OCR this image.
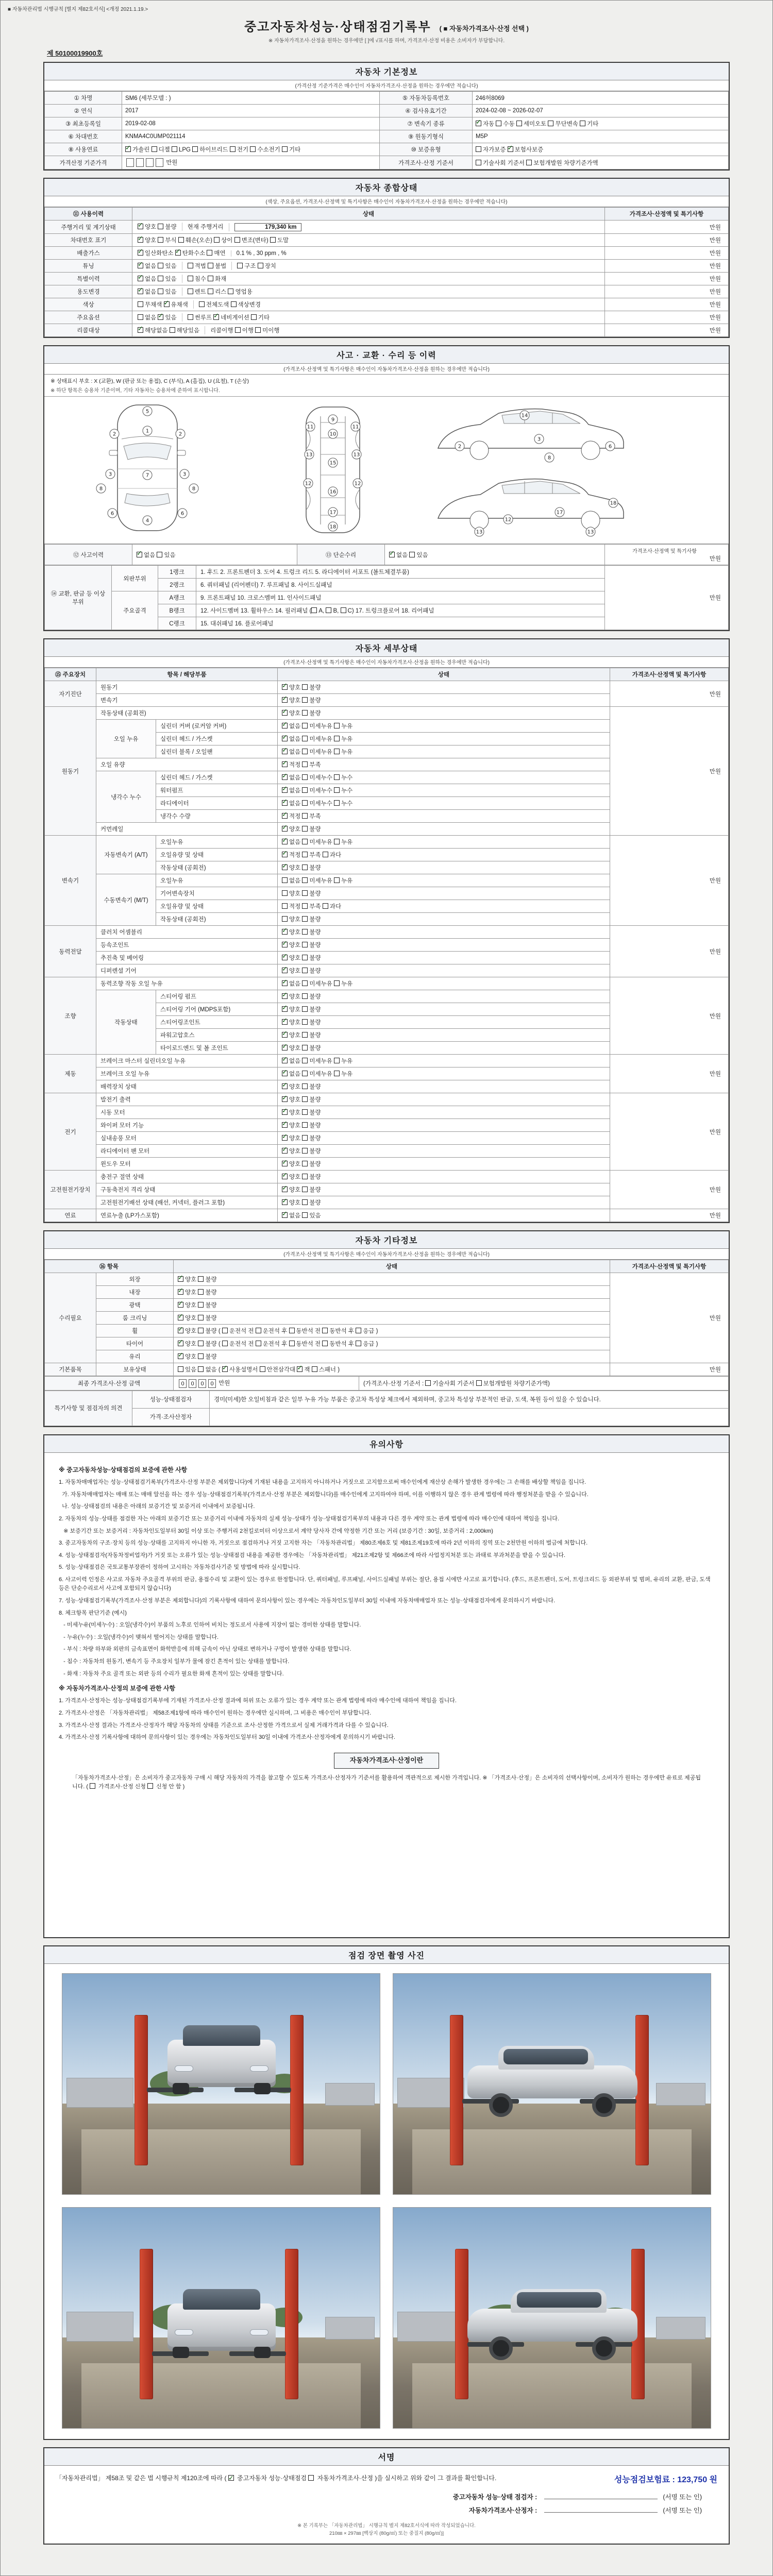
■ 자동차관리법 시행규칙 [별지 제82호서식] <개정 2021.1.19.>
중고자동차성능·상태점검기록부 ( ■ 자동차가격조사·산정 선택 )
※ 자동차가격조사·산정을 원하는 경우에만 [ ]에 √표시를 하며, 가격조사·산정 비용은 소비자가 부담합니다.
제 50100019900호
자동차 기본정보
(가격산정 기준가격은 매수인이 자동차가격조사·산정을 원하는 경우에만 적습니다)
① 차명	SM6 (세부모델 : )	⑤ 자동차등록번호	246허8069
② 연식	2017	④ 검사유효기간	2024-02-08 ~ 2026-02-07
③ 최초등록일	2019-02-08	⑦ 변속기 종류	✓자동 수동 세미오토 무단변속 기타
⑥ 차대번호	KNMA4C0UMP021114	⑨ 원동기형식	M5P
⑧ 사용연료	✓가솔린 디젤 LPG 하이브리드 전기 수소전기 기타	⑩ 보증유형	자가보증 ✓보험사보증
가격산정 기준가격	만원	가격조사·산정 기준서	기술사회 기준서 보험개발원 차량기준가액
자동차 종합상태
(색상, 주요옵션, 가격조사·산정액 및 특기사항은 매수인이 자동차가격조사·산정을 원하는 경우에만 적습니다)
⑪ 사용이력	상태	가격조사·산정액 및 특기사항
주행거리 및 계기상태	✓양호 불량 현재 주행거리 179,340 km	만원
차대번호 표기	✓양호 부식 훼손(오손) 상이 변조(변타) 도말	만원
배출가스	✓일산화탄소 ✓탄화수소 매연 0.1 % , 30 ppm , %	만원
튜닝	✓없음 있음 적법 불법 구조 장치	만원
특별이력	✓없음 있음 침수 화재	만원
용도변경	✓없음 있음 렌트 리스 영업용	만원
색상	무채색 ✓유채색 전체도색 색상변경	만원
주요옵션	없음 ✓있음 썬루프 ✓네비게이션 기타	만원
리콜대상	✓해당없음 해당있음 리콜이행 이행 미이행	만원
사고 · 교환 · 수리 등 이력
(가격조사·산정액 및 특기사항은 매수인이 자동차가격조사·산정을 원하는 경우에만 적습니다)
※ 상태표시 부호 : X (교환), W (판금 또는 용접), C (부식), A (흠집), U (요철), T (손상)
※ 하단 항목은 승용차 기준이며, 기타 자동차는 승용차에 준하여 표시합니다.
1
5
2	2
3	3
7
6	6
4
8	8
9
10
11	11
13	13
15
12	12
16
17
18
14
3
8
2	6
13	13
17
18
12
⑫ 사고이력	✓없음 있음	⑬ 단순수리	✓없음 있음	
가격조사·산정액 및 특기사항
만원
⑭ 교환, 판금 등 이상 부위	외판부위	1랭크	1. 후드 2. 프론트펜더 3. 도어 4. 트렁크 리드 5. 라디에이터 서포트 (볼트체결부품)	만원
		2랭크	6. 쿼터패널 (리어펜더) 7. 루프패널 8. 사이드실패널	
	주요골격	A랭크	9. 프론트패널 10. 크로스멤버 11. 인사이드패널	
		B랭크	12. 사이드멤버 13. 휠하우스 14. 필러패널 ( A, B, C) 17. 트렁크플로어 18. 리어패널	
		C랭크	15. 대쉬패널 16. 플로어패널	
자동차 세부상태
(가격조사·산정액 및 특기사항은 매수인이 자동차가격조사·산정을 원하는 경우에만 적습니다)
⑮ 주요장치	항목 / 해당부품		상태	가격조사·산정액 및 특기사항
자기진단	원동기	✓양호 불량	만원
	변속기	✓양호 불량
원동기	작동상태 (공회전)	✓양호 불량	만원
	오일 누유	실린더 커버 (로커암 커버)	✓없음 미세누유 누유
		실린더 헤드 / 가스켓	✓없음 미세누유 누유
		실린더 블록 / 오일팬	✓없음 미세누유 누유
	오일 유량	✓적정 부족
	냉각수 누수	실린더 헤드 / 가스켓	✓없음 미세누수 누수
		워터펌프	✓없음 미세누수 누수
		라디에이터	✓없음 미세누수 누수
		냉각수 수량	✓적정 부족
	커먼레일	✓양호 불량
변속기	자동변속기 (A/T)	오일누유	✓없음 미세누유 누유	만원
		오일유량 및 상태	✓적정 부족 과다
		작동상태 (공회전)	✓양호 불량
	수동변속기 (M/T)	오일누유	없음 미세누유 누유	
		기어변속장치	양호 불량	
		오일유량 및 상태	적정 부족 과다	
		작동상태 (공회전)	양호 불량	
동력전달	클러치 어셈블리	✓양호 불량	만원
	등속조인트	✓양호 불량
	추진축 및 베어링	✓양호 불량
	디퍼렌셜 기어	✓양호 불량
조향	동력조향 작동 오일 누유	✓없음 미세누유 누유	만원
	작동상태	스티어링 펌프	✓양호 불량
		스티어링 기어 (MDPS포함)	✓양호 불량
		스티어링조인트	✓양호 불량
		파워고압호스	✓양호 불량
		타이로드엔드 및 볼 조인트	✓양호 불량
제동	브레이크 마스터 실린더오일 누유	✓없음 미세누유 누유	만원
	브레이크 오일 누유	✓없음 미세누유 누유
	배력장치 상태	✓양호 불량
전기	발전기 출력	✓양호 불량	만원
	시동 모터	✓양호 불량
	와이퍼 모터 기능	✓양호 불량
	실내송풍 모터	✓양호 불량
	라디에이터 팬 모터	✓양호 불량
	윈도우 모터	✓양호 불량
고전원전기장치	충전구 절연 상태	✓양호 불량	만원
	구동축전지 격리 상태	✓양호 불량
	고전원전기배선 상태 (배선, 커넥터, 플러그 포함)	✓양호 불량
연료	연료누출 (LP가스포함)	✓없음 있음	만원
자동차 기타정보
(가격조사·산정액 및 특기사항은 매수인이 자동차가격조사·산정을 원하는 경우에만 적습니다)
⑯ 항목		상태	가격조사·산정액 및 특기사항
수리필요	외장	✓양호 불량	만원
	내장	✓양호 불량
	광택	✓양호 불량
	룸 크리닝	✓양호 불량
	휠	✓양호 불량 ( 운전석 전 운전석 후 동반석 전 동반석 후 응급 )
	타이어	✓양호 불량 ( 운전석 전 운전석 후 동반석 전 동반석 후 응급 )
	유리	✓양호 불량
기본품목	보유상태	있음 없음 ( ✓사용설명서 안전삼각대 ✓잭 스패너 )	만원
최종 가격조사·산정 금액	0 0 0 0 만원	(가격조사·산정 기준서 : 기술사회 기준서 보험개발원 차량기준가액)
특기사항 및 점검자의 의견	성능·상태점검자	경미(미세)한 오일비침과 같은 일부 누유 가능 부품은 중고차 특성상 체크에서 제외하며, 중고차 특성상 부분적인 판금, 도색, 복원 등이 있을 수 있습니다.
	가격·조사산정자	
유의사항
※ 중고자동차성능·상태점검의 보증에 관한 사항
1. 자동차매매업자는 성능·상태점검기록부(가격조사·산정 부분은 제외합니다)에 기재된 내용을 고지하지 아니하거나 거짓으로 고지함으로써 매수인에게 재산상 손해가 발생한 경우에는 그 손해를 배상할 책임을 집니다.
가. 자동차매매업자는 매매 또는 매매 알선을 하는 경우 성능·상태점검기록부(가격조사·산정 부분은 제외합니다)를 매수인에게 고지하여야 하며, 이를 이행하지 않은 경우 관계 법령에 따라 행정처분을 받을 수 있습니다.
나. 성능·상태점검의 내용은 아래의 보증기간 및 보증거리 이내에서 보증됩니다.
2. 자동차의 성능·상태를 점검한 자는 아래의 보증기간 또는 보증거리 이내에 자동차의 실제 성능·상태가 성능·상태점검기록부의 내용과 다른 경우 계약 또는 관계 법령에 따라 매수인에 대하여 책임을 집니다.
※ 보증기간 또는 보증거리 : 자동차인도일부터 30일 이상 또는 주행거리 2천킬로미터 이상으로서 계약 당사자 간에 약정한 기간 또는 거리 (보증기간 : 30일, 보증거리 : 2,000km)
3. 중고자동차의 구조·장치 등의 성능·상태를 고지하지 아니한 자, 거짓으로 점검하거나 거짓 고지한 자는 「자동차관리법」 제80조제6호 및 제81조제19호에 따라 2년 이하의 징역 또는 2천만원 이하의 벌금에 처합니다.
4. 성능·상태점검자(자동차정비업자)가 거짓 또는 오류가 있는 성능·상태점검 내용을 제공한 경우에는 「자동차관리법」 제21조제2항 및 제66조에 따라 사업정지처분 또는 과태료 부과처분을 받을 수 있습니다.
5. 성능·상태점검은 국토교통부장관이 정하여 고시하는 자동차검사기준 및 방법에 따라 실시합니다.
6. 사고이력 인정은 사고로 자동차 주요골격 부위의 판금, 용접수리 및 교환이 있는 경우로 한정합니다. 단, 쿼터패널, 루프패널, 사이드실패널 부위는 절단, 용접 시에만 사고로 표기합니다. (후드, 프론트펜더, 도어, 트렁크리드 등 외판부위 및 범퍼, 유리의 교환, 판금, 도색 등은 단순수리로서 사고에 포함되지 않습니다)
7. 성능·상태점검기록부(가격조사·산정 부분은 제외합니다)의 기록사항에 대하여 문의사항이 있는 경우에는 자동차인도일부터 30일 이내에 자동차매매업자 또는 성능·상태점검자에게 문의하시기 바랍니다.
8. 체크항목 판단기준 (예시)
- 미세누유(미세누수) : 오일(냉각수)이 부품의 노후로 인하여 비치는 정도로서 사용에 지장이 없는 경미한 상태를 말합니다.
- 누유(누수) : 오일(냉각수)이 맺혀서 떨어지는 상태를 말합니다.
- 부식 : 차량 하부와 외판의 금속표면이 화학반응에 의해 금속이 아닌 상태로 변하거나 구멍이 발생한 상태를 말합니다.
- 침수 : 자동차의 원동기, 변속기 등 주요장치 일부가 물에 잠긴 흔적이 있는 상태를 말합니다.
- 화재 : 자동차 주요 골격 또는 외판 등의 수리가 필요한 화재 흔적이 있는 상태를 말합니다.
※ 자동차가격조사·산정의 보증에 관한 사항
1. 가격조사·산정자는 성능·상태점검기록부에 기재된 가격조사·산정 결과에 허위 또는 오류가 있는 경우 계약 또는 관계 법령에 따라 매수인에 대하여 책임을 집니다.
2. 가격조사·산정은 「자동차관리법」 제58조제1항에 따라 매수인이 원하는 경우에만 실시하며, 그 비용은 매수인이 부담합니다.
3. 가격조사·산정 결과는 가격조사·산정자가 해당 자동차의 상태를 기준으로 조사·산정한 가격으로서 실제 거래가격과 다를 수 있습니다.
4. 가격조사·산정 기록사항에 대하여 문의사항이 있는 경우에는 자동차인도일부터 30일 이내에 가격조사·산정자에게 문의하시기 바랍니다.
자동차가격조사·산정이란
「자동차가격조사·산정」은 소비자가 중고자동차 구매 시 해당 자동차의 가격을 참고할 수 있도록 가격조사·산정자가 기준서를 활용하여 객관적으로 제시한 가격입니다. ※ 「가격조사·산정」은 소비자의 선택사항이며, 소비자가 원하는 경우에만 유료로 제공됩니다. (  가격조사·산정 신청  신청 안 함 )
점검 장면 촬영 사진
서명
「자동차관리법」 제58조 및 같은 법 시행규칙 제120조에 따라 ( ✓ 중고자동차 성능·상태점검  자동차가격조사·산정 )을 실시하고 위와 같이 그 결과를 확인합니다.	성능점검보험료 : 123,750 원
중고자동차 성능·상태 점검자 :	(서명 또는 인)
자동차가격조사·산정자 :	(서명 또는 인)
※ 본 기록부는 「자동차관리법」 시행규칙 별지 제82호서식에 따라 작성되었습니다.
210㎜ × 297㎜ [백상지 (80g/㎡) 또는 중질지 (80g/㎡)]
